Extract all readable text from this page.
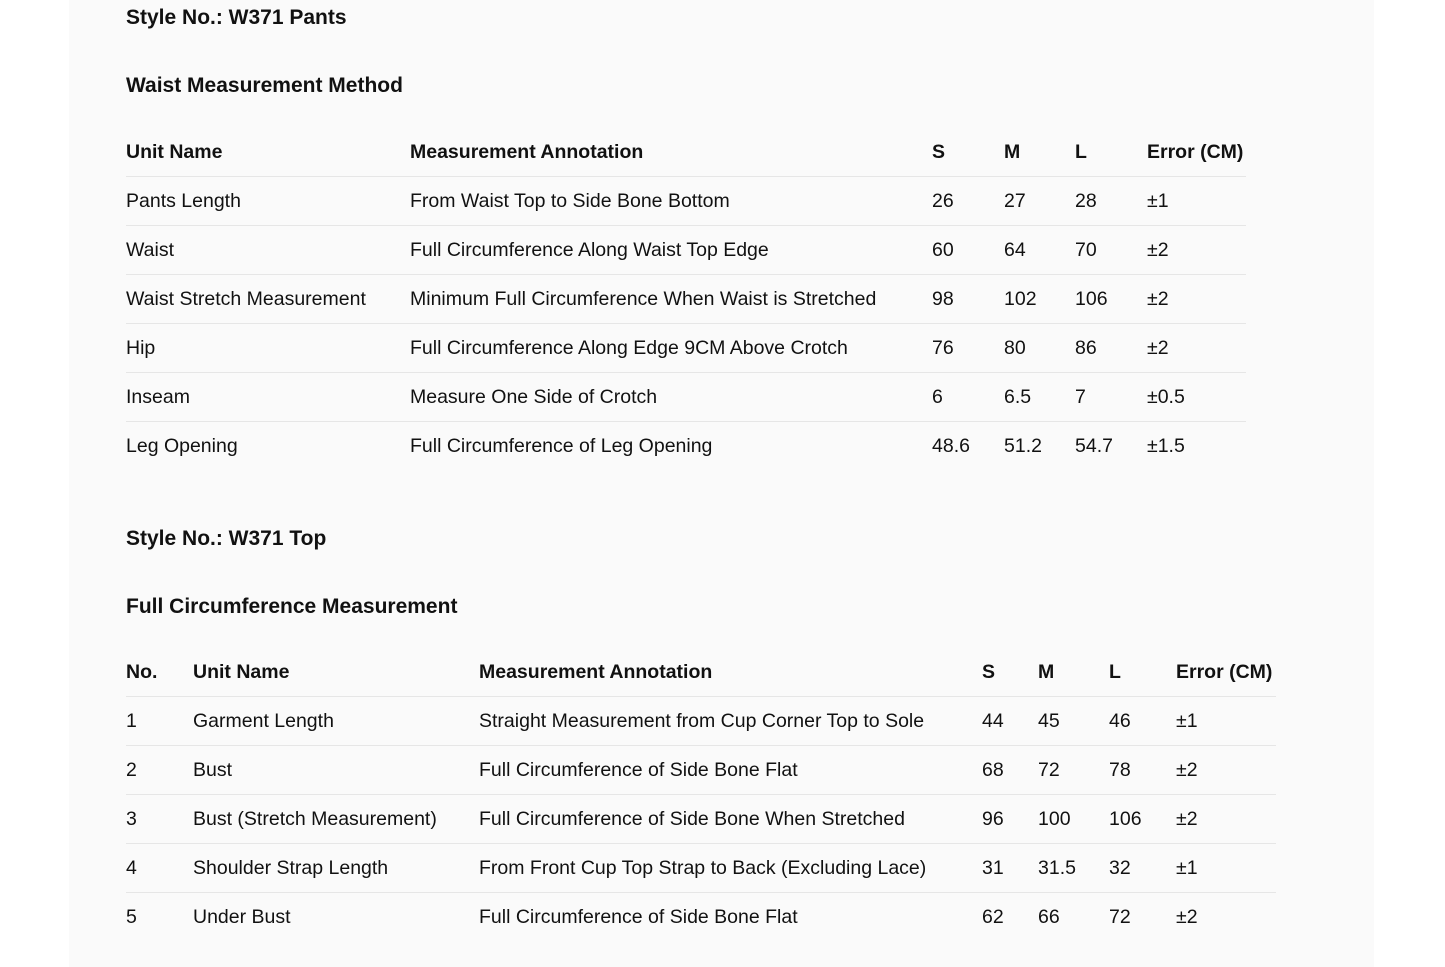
Style No.: W371 Pants
Waist Measurement Method
Unit Name	Measurement Annotation	S	M	L	Error (CM)
Pants Length	From Waist Top to Side Bone Bottom	26	27	28	±1
Waist	Full Circumference Along Waist Top Edge	60	64	70	±2
Waist Stretch Measurement	Minimum Full Circumference When Waist is Stretched	98	102	106	±2
Hip	Full Circumference Along Edge 9CM Above Crotch	76	80	86	±2
Inseam	Measure One Side of Crotch	6	6.5	7	±0.5
Leg Opening	Full Circumference of Leg Opening	48.6	51.2	54.7	±1.5
Style No.: W371 Top
Full Circumference Measurement
No.	Unit Name	Measurement Annotation	S	M	L	Error (CM)
1	Garment Length	Straight Measurement from Cup Corner Top to Sole	44	45	46	±1
2	Bust	Full Circumference of Side Bone Flat	68	72	78	±2
3	Bust (Stretch Measurement)	Full Circumference of Side Bone When Stretched	96	100	106	±2
4	Shoulder Strap Length	From Front Cup Top Strap to Back (Excluding Lace)	31	31.5	32	±1
5	Under Bust	Full Circumference of Side Bone Flat	62	66	72	±2
